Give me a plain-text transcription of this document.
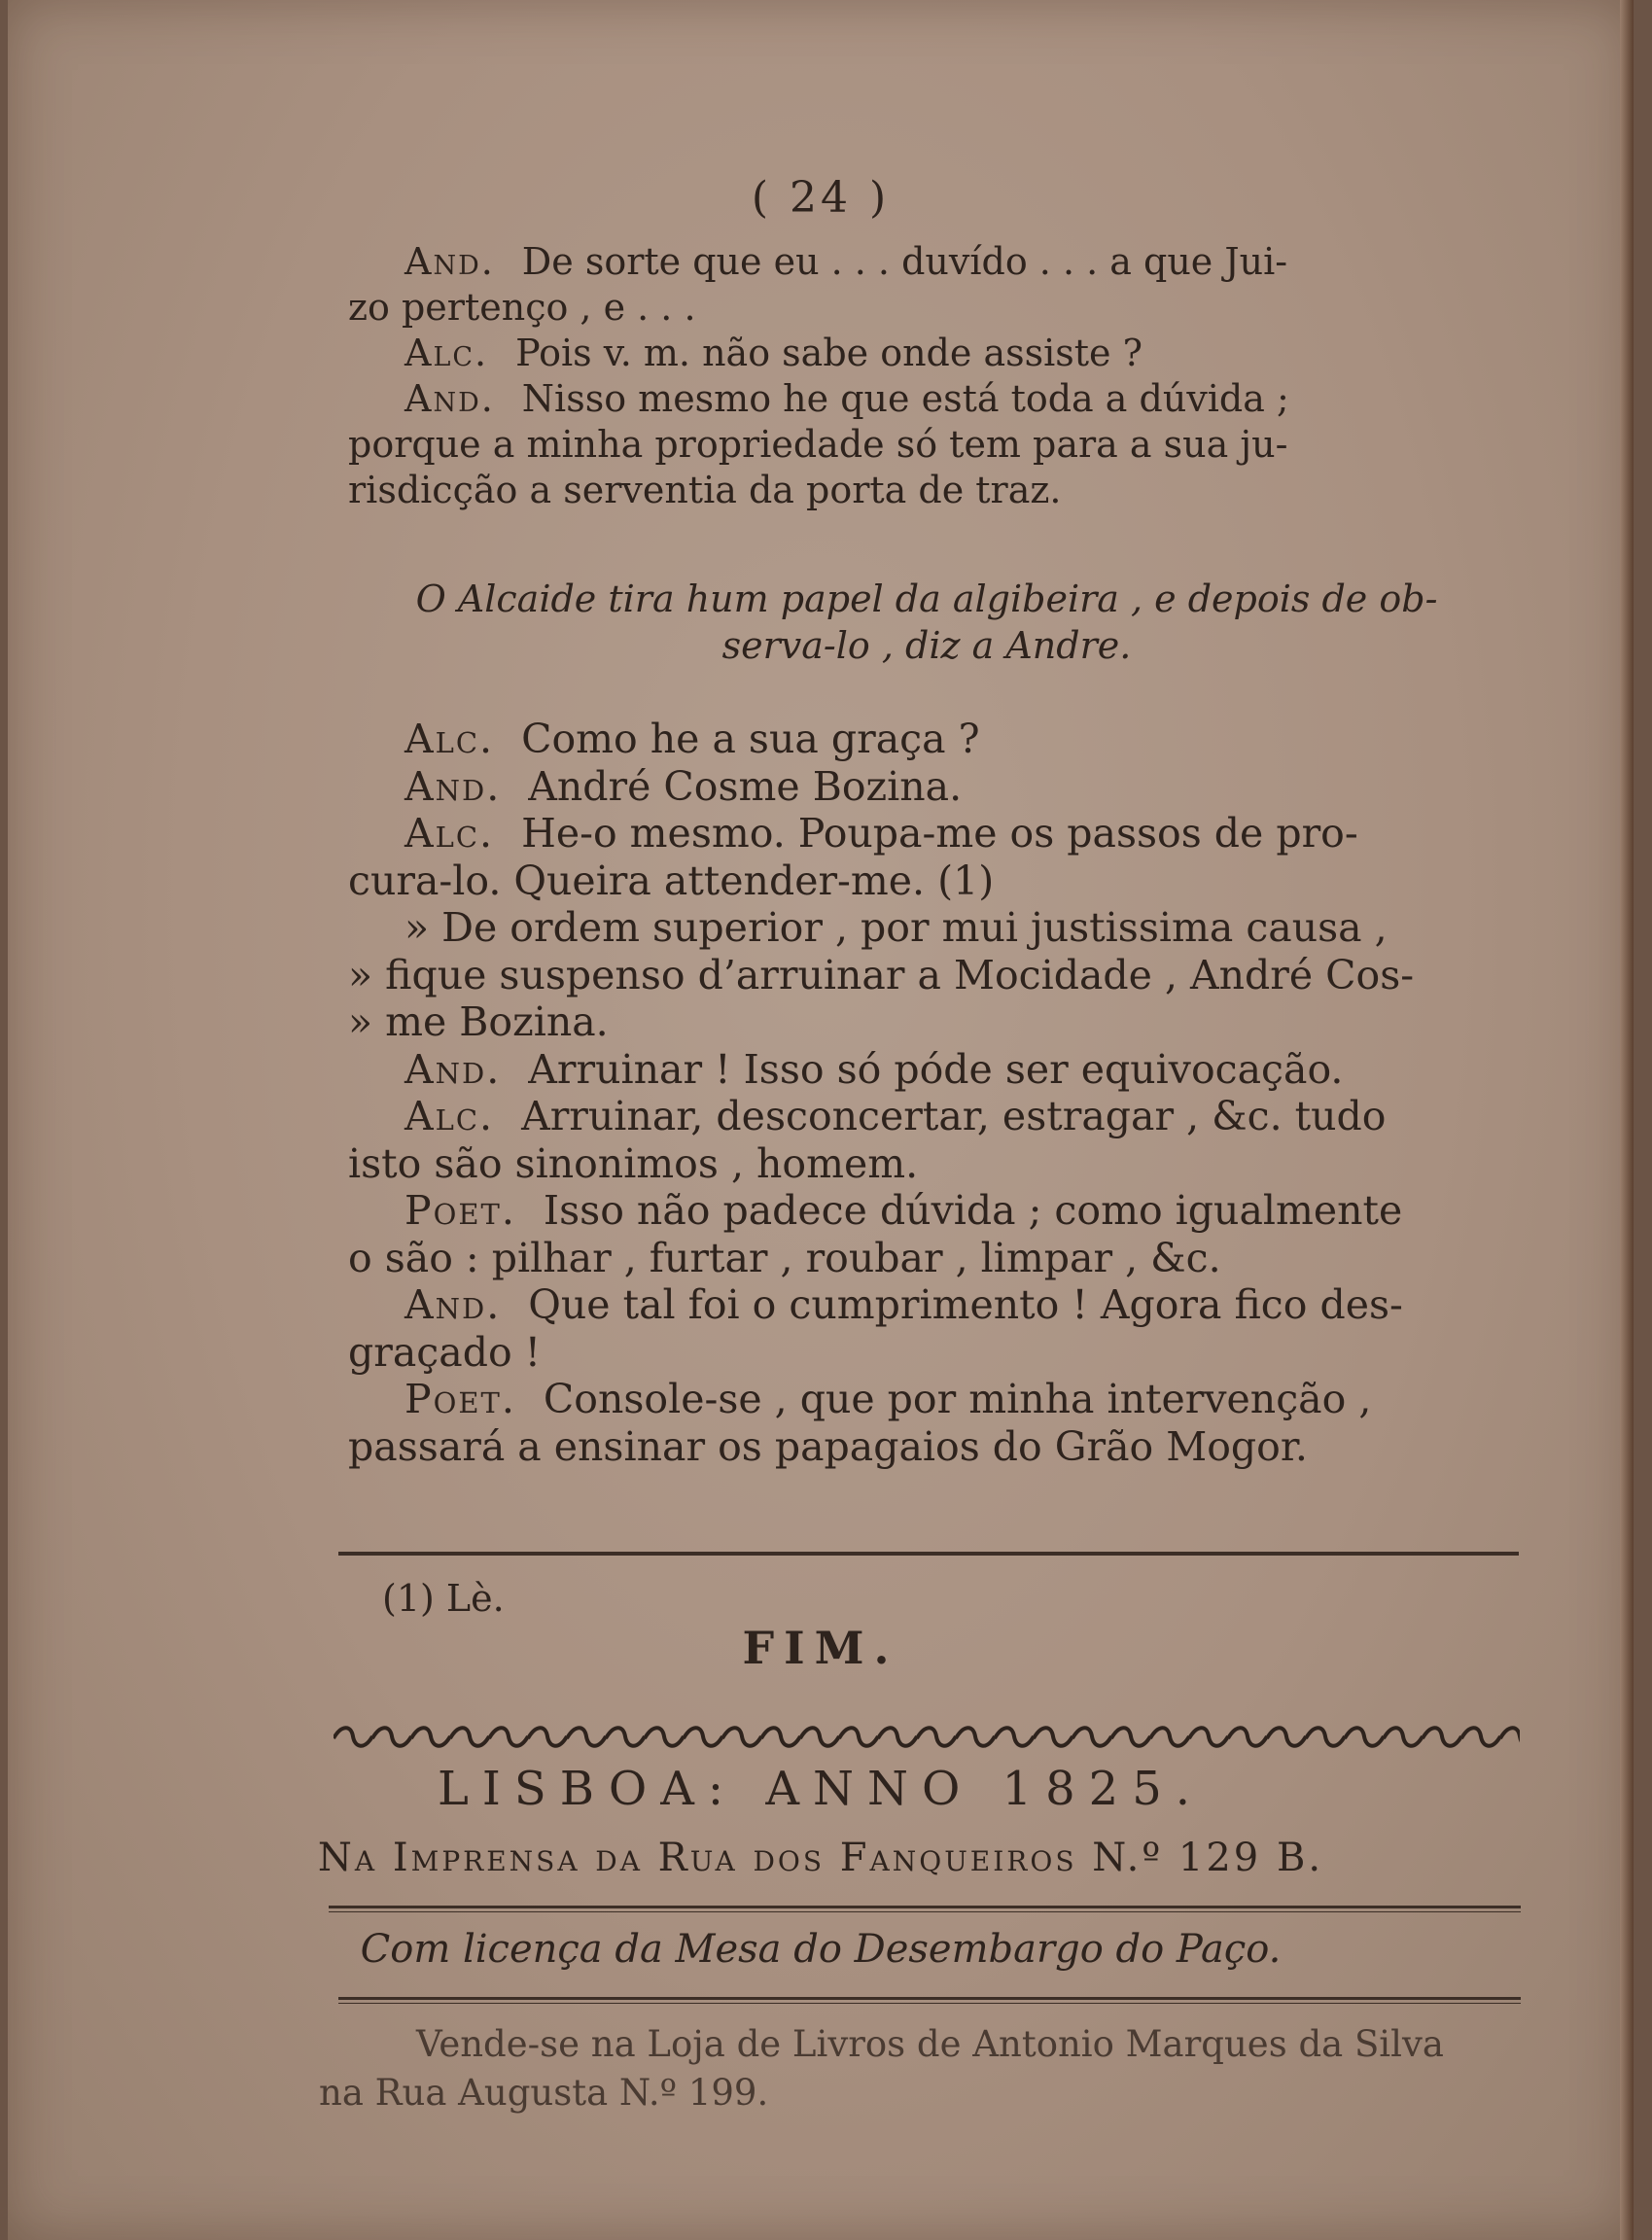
( 24 )
And. De sorte que eu . . . duvído . . . a que Jui-
zo pertenço , e . . .
Alc. Pois v. m. não sabe onde assiste ?
And. Nisso mesmo he que está toda a dúvida ;
porque a minha propriedade só tem para a sua ju-
risdicção a serventia da porta de traz.
O Alcaide tira hum papel da algibeira , e depois de ob-
serva-lo , diz a Andre.
Alc. Como he a sua graça ?
And. André Cosme Bozina.
Alc. He-o mesmo. Poupa-me os passos de pro-
cura-lo. Queira attender-me. (1)
» De ordem superior , por mui justissima causa ,
» fique suspenso d’arruinar a Mocidade , André Cos-
» me Bozina.
And. Arruinar ! Isso só póde ser equivocação.
Alc. Arruinar, desconcertar, estragar , &c. tudo
isto são sinonimos , homem.
Poet. Isso não padece dúvida ; como igualmente
o são : pilhar , furtar , roubar , limpar , &c.
And. Que tal foi o cumprimento ! Agora fico des-
graçado !
Poet. Console-se , que por minha intervenção ,
passará a ensinar os papagaios do Grão Mogor.
(1) Lè.
FIM.
LISBOA: ANNO 1825.
Na Imprensa da Rua dos Fanqueiros N.º 129 B.
Com licença da Mesa do Desembargo do Paço.
Vende-se na Loja de Livros de Antonio Marques da Silva
na Rua Augusta N.º 199.
